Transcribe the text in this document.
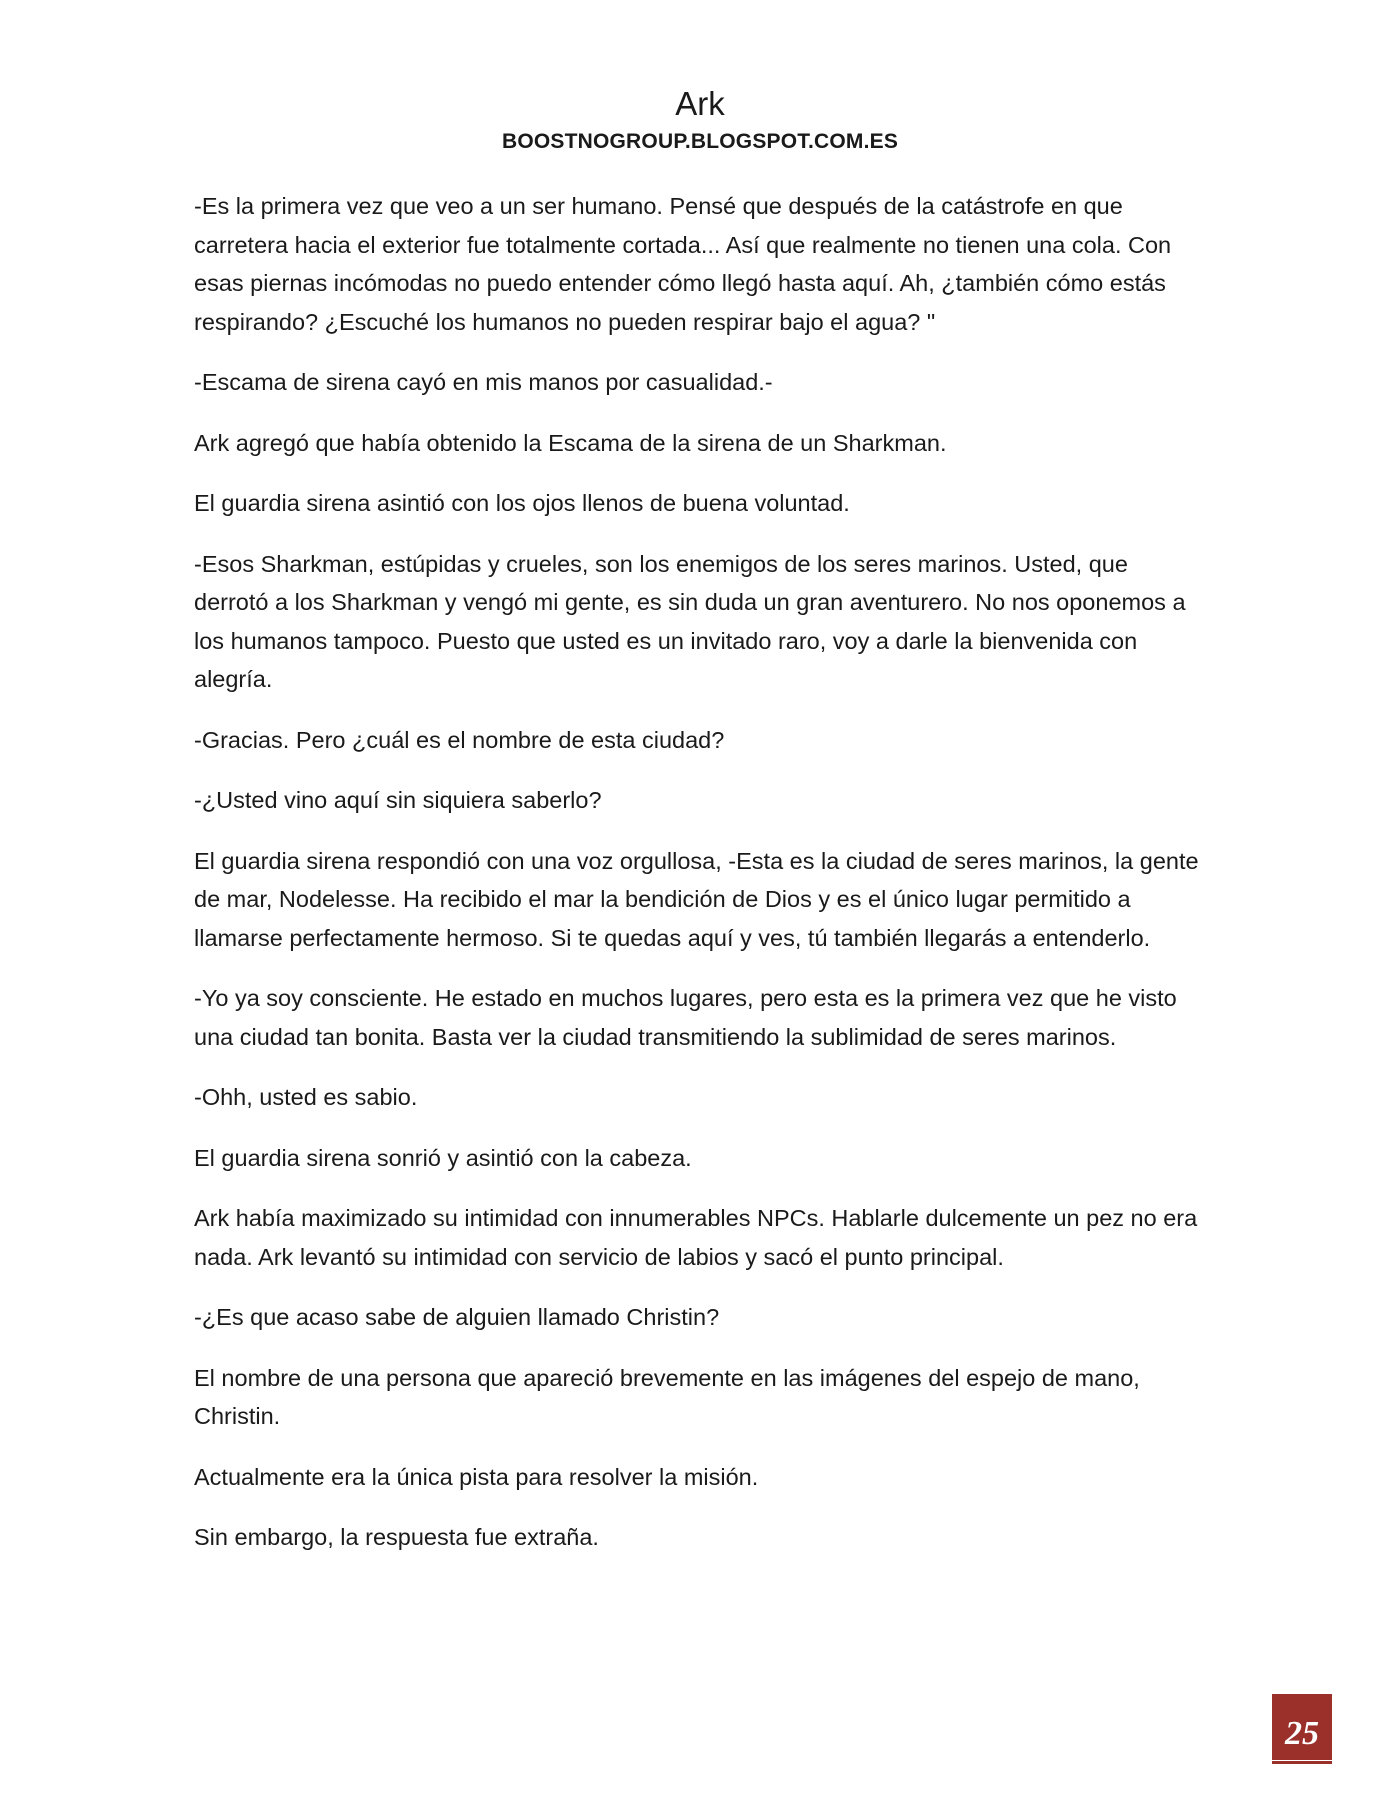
Ark
BOOSTNOGROUP.BLOGSPOT.COM.ES

-Es la primera vez que veo a un ser humano. Pensé que después de la catástrofe en que carretera hacia el exterior fue totalmente cortada... Así que realmente no tienen una cola. Con esas piernas incómodas no puedo entender cómo llegó hasta aquí. Ah, ¿también cómo estás respirando? ¿Escuché los humanos no pueden respirar bajo el agua? "

-Escama de sirena cayó en mis manos por casualidad.-

Ark agregó que había obtenido la Escama de la sirena de un Sharkman.

El guardia sirena asintió con los ojos llenos de buena voluntad.

-Esos Sharkman, estúpidas y crueles, son los enemigos de los seres marinos. Usted, que derrotó a los Sharkman y vengó mi gente, es sin duda un gran aventurero. No nos oponemos a los humanos tampoco. Puesto que usted es un invitado raro, voy a darle la bienvenida con alegría.

-Gracias. Pero ¿cuál es el nombre de esta ciudad?

-¿Usted vino aquí sin siquiera saberlo?

El guardia sirena respondió con una voz orgullosa, -Esta es la ciudad de seres marinos, la gente de mar, Nodelesse. Ha recibido el mar la bendición de Dios y es el único lugar permitido a llamarse perfectamente hermoso. Si te quedas aquí y ves, tú también llegarás a entenderlo.

-Yo ya soy consciente. He estado en muchos lugares, pero esta es la primera vez que he visto una ciudad tan bonita. Basta ver la ciudad transmitiendo la sublimidad de seres marinos.

-Ohh, usted es sabio.

El guardia sirena sonrió y asintió con la cabeza.

Ark había maximizado su intimidad con innumerables NPCs. Hablarle dulcemente un pez no era nada. Ark levantó su intimidad con servicio de labios y sacó el punto principal.

-¿Es que acaso sabe de alguien llamado Christin?

El nombre de una persona que apareció brevemente en las imágenes del espejo de mano, Christin.

Actualmente era la única pista para resolver la misión.

Sin embargo, la respuesta fue extraña.

25
